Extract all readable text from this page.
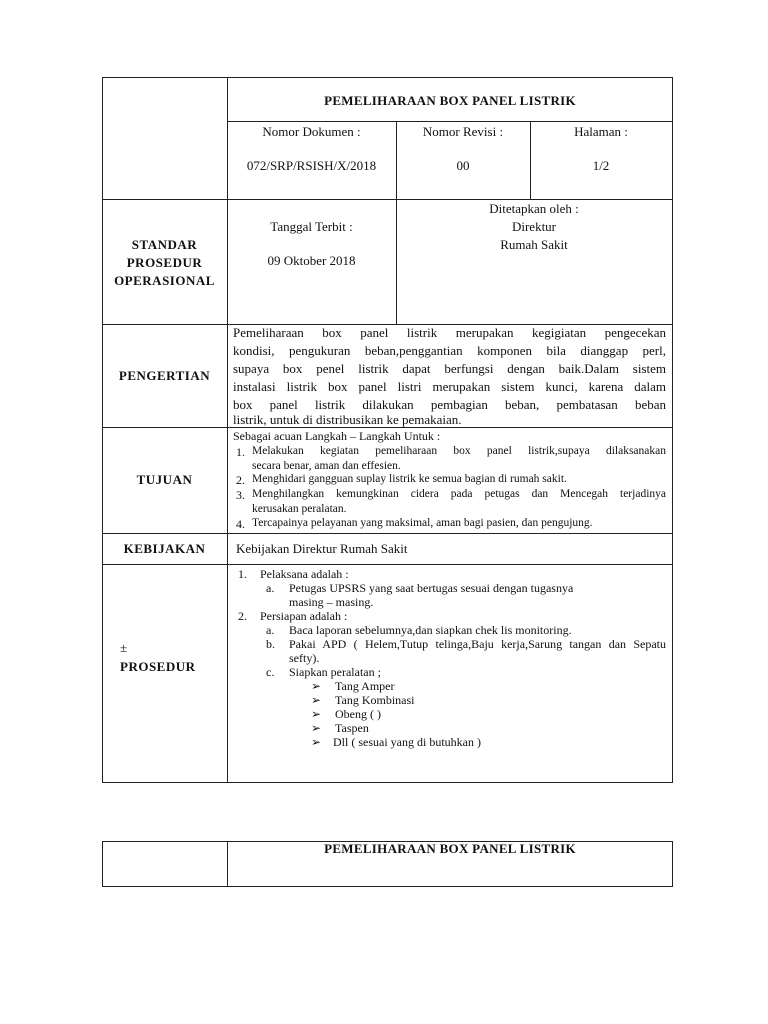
PEMELIHARAAN BOX PANEL LISTRIK
Nomor Dokumen :
072/SRP/RSISH/X/2018
Nomor Revisi :
00
Halaman :
1/2
STANDAR
PROSEDUR
OPERASIONAL
Tanggal Terbit :
09 Oktober 2018
Ditetapkan oleh :
Direktur
Rumah Sakit
PENGERTIAN
Pemeliharaan box panel listrik merupakan kegigiatan pengecekan
kondisi, pengukuran beban,penggantian komponen bila dianggap perl,
supaya box penel listrik dapat berfungsi dengan baik.Dalam sistem
instalasi listrik box panel listri merupakan sistem kunci, karena dalam
box panel listrik dilakukan pembagian beban, pembatasan beban
listrik, untuk di distribusikan ke pemakaian.
TUJUAN
Sebagai acuan Langkah – Langkah Untuk :
1. Melakukan kegiatan pemeliharaan box panel listrik,supaya dilaksanakan
secara benar, aman dan effesien.
2. Menghidari gangguan suplay listrik ke semua bagian di rumah sakit.
3. Menghilangkan kemungkinan cidera pada petugas dan Mencegah terjadinya
kerusakan peralatan.
4. Tercapainya pelayanan yang maksimal, aman bagi pasien, dan pengujung.
KEBIJAKAN	Kebijakan Direktur Rumah Sakit
±
PROSEDUR
1. Pelaksana adalah :
a. Petugas UPSRS yang saat bertugas sesuai dengan tugasnya
masing – masing.
2. Persiapan adalah :
a. Baca laporan sebelumnya,dan siapkan chek lis monitoring.
b. Pakai APD ( Helem,Tutup telinga,Baju kerja,Sarung tangan dan Sepatu
sefty).
c. Siapkan peralatan ;
➢ Tang Amper
➢ Tang Kombinasi
➢ Obeng ( )
➢ Taspen
➢ Dll ( sesuai yang di butuhkan )
PEMELIHARAAN BOX PANEL LISTRIK
